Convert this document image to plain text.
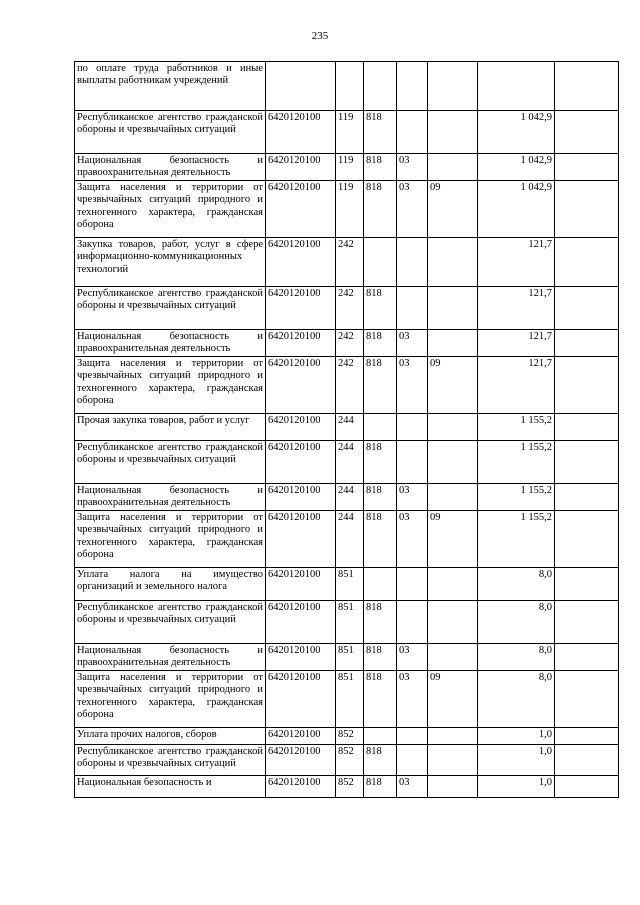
235
по оплате труда работников и иные выплаты работникам учреждений							
Республиканское агентство гражданской обороны и чрезвычайных ситуаций	6420120100	119	818			1 042,9	
Национальная безопасность и правоохранительная деятельность	6420120100	119	818	03		1 042,9	
Защита населения и территории от чрезвычайных ситуаций природного и техногенного характера, гражданская оборона	6420120100	119	818	03	09	1 042,9	
Закупка товаров, работ, услуг в сфере информационно-коммуникационных технологий	6420120100	242				121,7	
Республиканское агентство гражданской обороны и чрезвычайных ситуаций	6420120100	242	818			121,7	
Национальная безопасность и правоохранительная деятельность	6420120100	242	818	03		121,7	
Защита населения и территории от чрезвычайных ситуаций природного и техногенного характера, гражданская оборона	6420120100	242	818	03	09	121,7	
Прочая закупка товаров, работ и услуг	6420120100	244				1 155,2	
Республиканское агентство гражданской обороны и чрезвычайных ситуаций	6420120100	244	818			1 155,2	
Национальная безопасность и правоохранительная деятельность	6420120100	244	818	03		1 155,2	
Защита населения и территории от чрезвычайных ситуаций природного и техногенного характера, гражданская оборона	6420120100	244	818	03	09	1 155,2	
Уплата налога на имущество организаций и земельного налога	6420120100	851				8,0	
Республиканское агентство гражданской обороны и чрезвычайных ситуаций	6420120100	851	818			8,0	
Национальная безопасность и правоохранительная деятельность	6420120100	851	818	03		8,0	
Защита населения и территории от чрезвычайных ситуаций природного и техногенного характера, гражданская оборона	6420120100	851	818	03	09	8,0	
Уплата прочих налогов, сборов	6420120100	852				1,0	
Республиканское агентство гражданской обороны и чрезвычайных ситуаций	6420120100	852	818			1,0	
Национальная безопасность и	6420120100	852	818	03		1,0	
